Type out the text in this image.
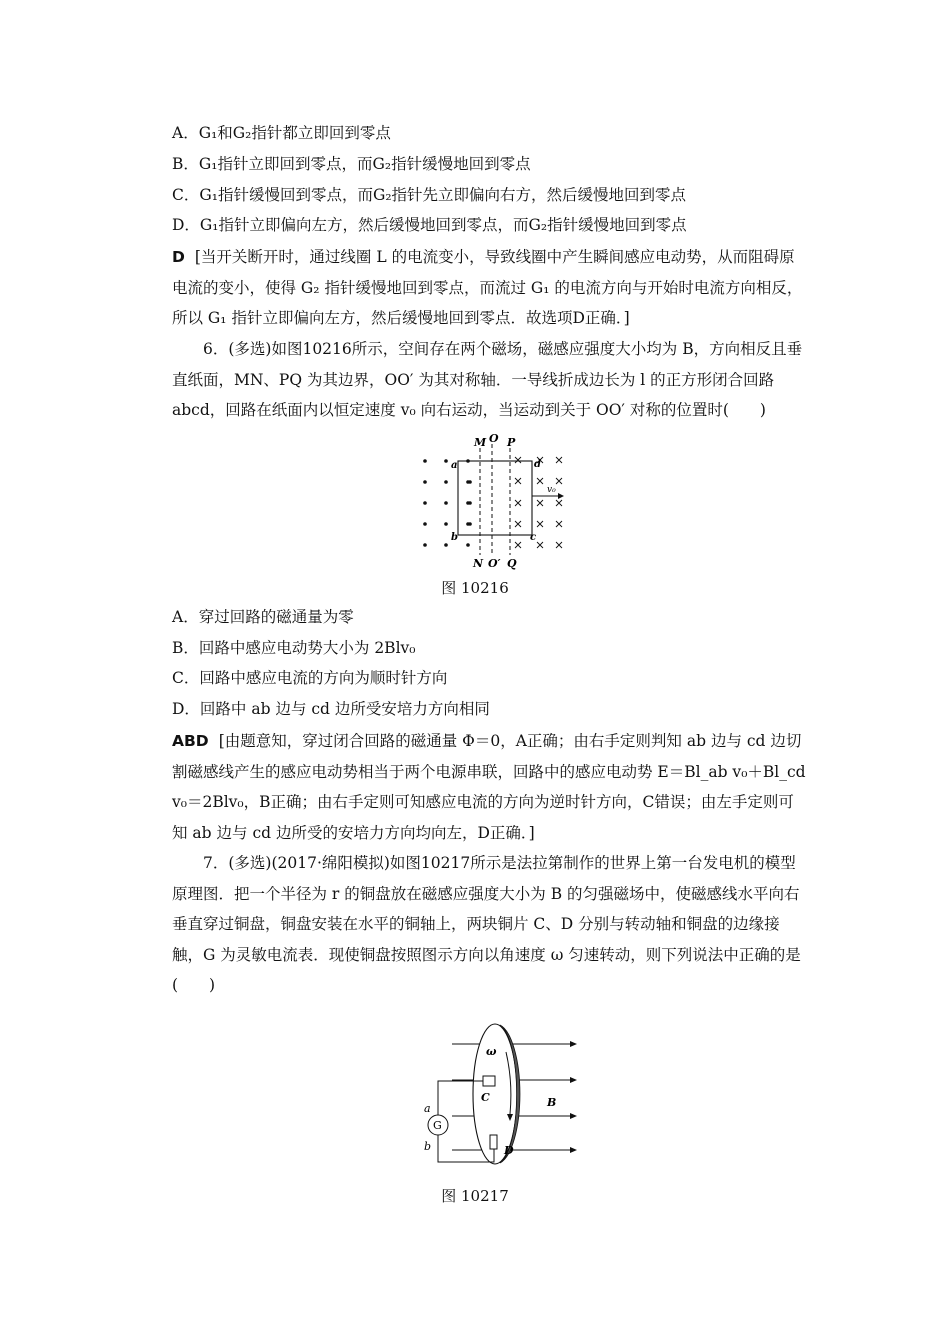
A．G₁和G₂指针都立即回到零点
B．G₁指针立即回到零点，而G₂指针缓慢地回到零点
C．G₁指针缓慢回到零点，而G₂指针先立即偏向右方，然后缓慢地回到零点
D．G₁指针立即偏向左方，然后缓慢地回到零点，而G₂指针缓慢地回到零点
D [当开关断开时，通过线圈 L 的电流变小，导致线圈中产生瞬间感应电动势，从而阻碍原电流的变小，使得 G₂ 指针缓慢地回到零点，而流过 G₁ 的电流方向与开始时电流方向相反，所以 G₁ 指针立即偏向左方，然后缓慢地回到零点．故选项D正确．]
6．(多选)如图10216所示，空间存在两个磁场，磁感应强度大小均为 B，方向相反且垂直纸面，MN、PQ 为其边界，OO′ 为其对称轴．一导线折成边长为 l 的正方形闭合回路 abcd，回路在纸面内以恒定速度 v₀ 向右运动，当运动到关于 OO′ 对称的位置时(　　)
M O P
a
b
d
c
v₀
N O′ Q
图 10216
A．穿过回路的磁通量为零
B．回路中感应电动势大小为 2Blv₀
C．回路中感应电流的方向为顺时针方向
D．回路中 ab 边与 cd 边所受安培力方向相同
ABD [由题意知，穿过闭合回路的磁通量 Φ＝0，A正确；由右手定则判知 ab 边与 cd 边切割磁感线产生的感应电动势相当于两个电源串联，回路中的感应电动势 E＝Bl_ab v₀＋Bl_cd v₀＝2Blv₀，B正确；由右手定则可知感应电流的方向为逆时针方向，C错误；由左手定则可知 ab 边与 cd 边所受的安培力方向均向左，D正确．]
7．(多选)(2017·绵阳模拟)如图10217所示是法拉第制作的世界上第一台发电机的模型原理图．把一个半径为 r 的铜盘放在磁感应强度大小为 B 的匀强磁场中，使磁感线水平向右垂直穿过铜盘，铜盘安装在水平的铜轴上，两块铜片 C、D 分别与转动轴和铜盘的边缘接触，G 为灵敏电流表．现使铜盘按照图示方向以角速度 ω 匀速转动，则下列说法中正确的是(　　)
G
ω
C	B
a
b	D
图 10217
